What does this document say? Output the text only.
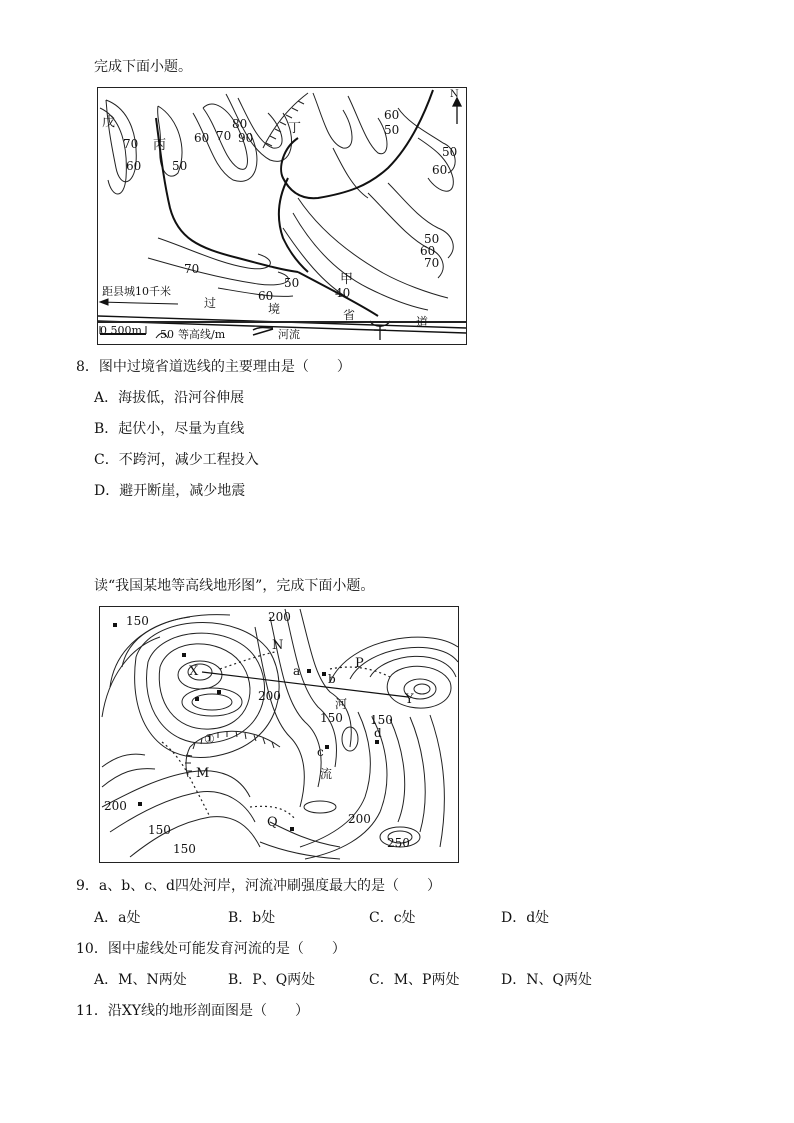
完成下面小题。
戊
丙
丁
甲
70
60	50
60 70
80
90
60
50
50
60
50
60
70
70
60
50
40
N
距县城10千米
过	境	省	道
0 500m 50 等高线/m	河流
8．图中过境省道选线的主要理由是（　　）
A．海拔低，沿河谷伸展
B．起伏小，尽量为直线
C．不跨河，减少工程投入
D．避开断崖，减少地震
读“我国某地等高线地形图”，完成下面小题。
150	200
200
150 150
200
150
150
200
250
X
Y
N
P
M
Q
a
b
c
d
河
流
①
9．a、b、c、d四处河岸，河流冲刷强度最大的是（　　）
A．a处	B．b处	C．c处	D．d处
10．图中虚线处可能发育河流的是（　　）
A．M、N两处	B．P、Q两处	C．M、P两处	D．N、Q两处
11．沿XY线的地形剖面图是（　　）
